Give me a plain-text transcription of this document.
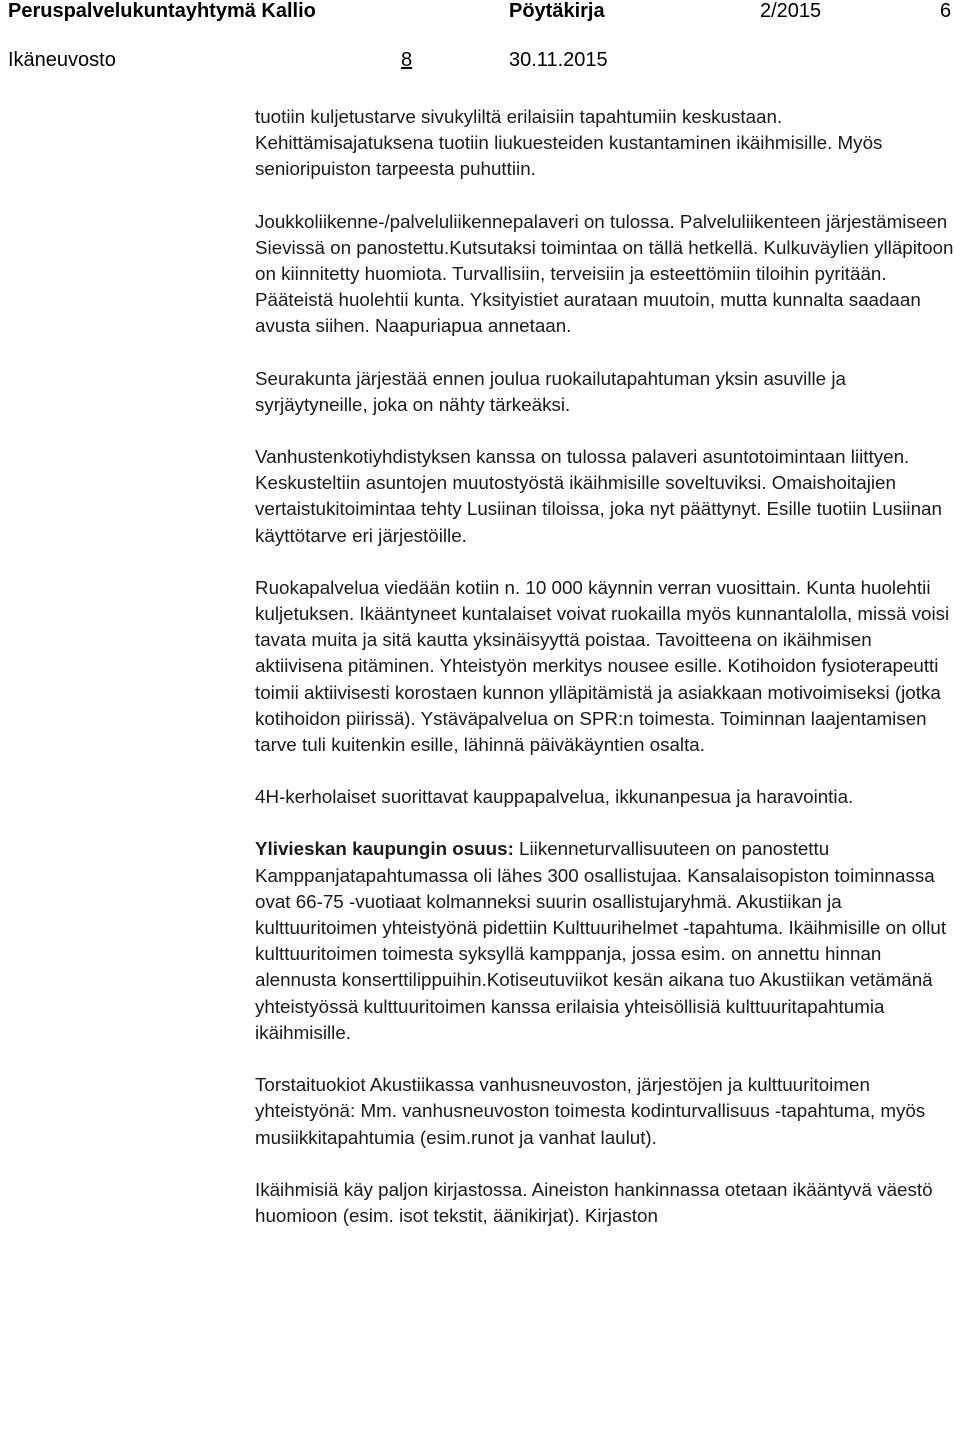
Peruspalvelukuntayhtymä Kallio	Pöytäkirja	2/2015	6
Ikäneuvosto	8	30.11.2015

tuotiin kuljetustarve sivukyliltä erilaisiin tapahtumiin keskustaan. Kehittämisajatuksena tuotiin liukuesteiden kustantaminen ikäihmisille. Myös senioripuiston tarpeesta puhuttiin.

Joukkoliikenne-/palveluliikennepalaveri on tulossa. Palveluliikenteen järjestämiseen Sievissä on panostettu.Kutsutaksi toimintaa on tällä hetkellä. Kulkuväylien ylläpitoon on kiinnitetty huomiota. Turvallisiin, terveisiin ja esteettömiin tiloihin pyritään. Pääteistä huolehtii kunta. Yksityistiet aurataan muutoin, mutta kunnalta saadaan avusta siihen. Naapuriapua annetaan.

Seurakunta järjestää ennen joulua ruokailutapahtuman yksin asuville ja syrjäytyneille, joka on nähty tärkeäksi.

Vanhustenkotiyhdistyksen kanssa on tulossa palaveri asuntotoimintaan liittyen. Keskusteltiin asuntojen muutostyöstä ikäihmisille soveltuviksi. Omaishoitajien vertaistukitoimintaa tehty Lusiinan tiloissa, joka nyt päättynyt. Esille tuotiin Lusiinan käyttötarve eri järjestöille.

Ruokapalvelua viedään kotiin n. 10 000 käynnin verran vuosittain. Kunta huolehtii kuljetuksen. Ikääntyneet kuntalaiset voivat ruokailla myös kunnantalolla, missä voisi tavata muita ja sitä kautta yksinäisyyttä poistaa. Tavoitteena on ikäihmisen aktiivisena pitäminen. Yhteistyön merkitys nousee esille. Kotihoidon fysioterapeutti toimii aktiivisesti korostaen kunnon ylläpitämistä ja asiakkaan motivoimiseksi (jotka kotihoidon piirissä). Ystäväpalvelua on SPR:n toimesta. Toiminnan laajentamisen tarve tuli kuitenkin esille, lähinnä päiväkäyntien osalta.

4H-kerholaiset suorittavat kauppapalvelua, ikkunanpesua ja haravointia.

Ylivieskan kaupungin osuus: Liikenneturvallisuuteen on panostettu Kamppanjatapahtumassa oli lähes 300 osallistujaa. Kansalaisopiston toiminnassa ovat 66-75 -vuotiaat kolmanneksi suurin osallistujaryhmä. Akustiikan ja kulttuuritoimen yhteistyönä pidettiin Kulttuurihelmet -tapahtuma. Ikäihmisille on ollut kulttuuritoimen toimesta syksyllä kamppanja, jossa esim. on annettu hinnan alennusta konserttilippuihin.Kotiseutuviikot kesän aikana tuo Akustiikan vetämänä yhteistyössä kulttuuritoimen kanssa erilaisia yhteisöllisiä kulttuuritapahtumia ikäihmisille.

Torstaituokiot Akustiikassa vanhusneuvoston, järjestöjen ja kulttuuritoimen yhteistyönä: Mm. vanhusneuvoston toimesta kodinturvallisuus -tapahtuma, myös musiikkitapahtumia (esim.runot ja vanhat laulut).

Ikäihmisiä käy paljon kirjastossa. Aineiston hankinnassa otetaan ikääntyvä väestö huomioon (esim. isot tekstit, äänikirjat). Kirjaston
